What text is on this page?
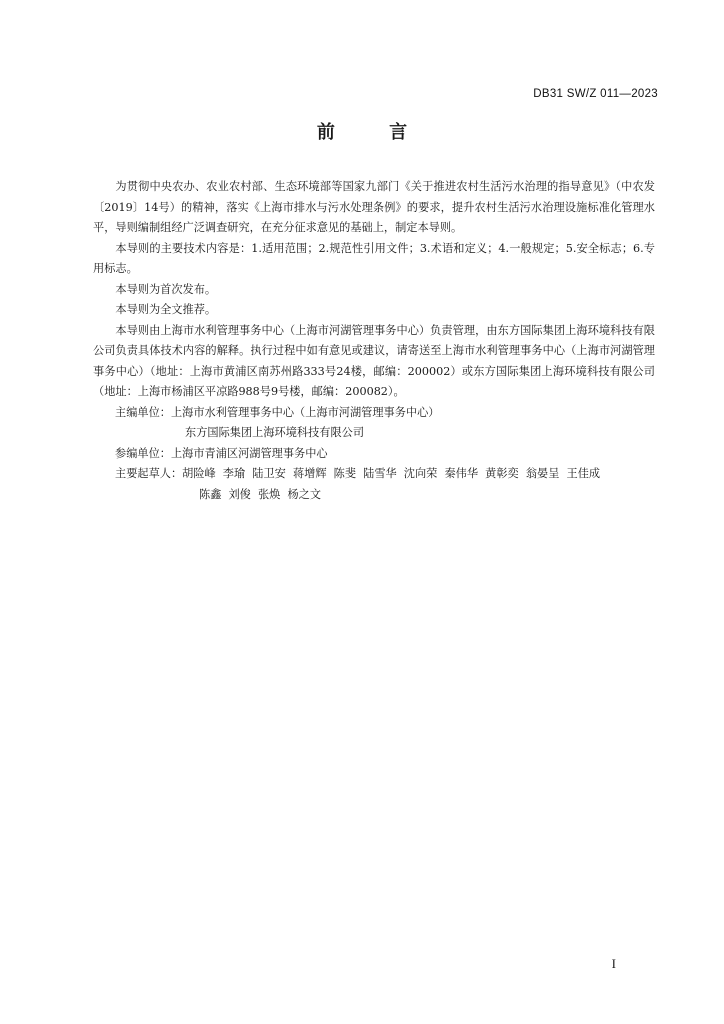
DB31 SW/Z 011—2023
前 言

为贯彻中央农办、农业农村部、生态环境部等国家九部门《关于推进农村生活污水治理的指导意见》（中农发〔2019〕14号）的精神，落实《上海市排水与污水处理条例》的要求，提升农村生活污水治理设施标准化管理水平，导则编制组经广泛调查研究，在充分征求意见的基础上，制定本导则。

本导则的主要技术内容是：1.适用范围；2.规范性引用文件；3.术语和定义；4.一般规定；5.安全标志；6.专用标志。

本导则为首次发布。

本导则为全文推荐。

本导则由上海市水利管理事务中心（上海市河湖管理事务中心）负责管理，由东方国际集团上海环境科技有限公司负责具体技术内容的解释。执行过程中如有意见或建议，请寄送至上海市水利管理事务中心（上海市河湖管理事务中心）（地址：上海市黄浦区南苏州路333号24楼，邮编：200002）或东方国际集团上海环境科技有限公司（地址：上海市杨浦区平凉路988号9号楼，邮编：200082）。

主编单位：上海市水利管理事务中心（上海市河湖管理事务中心）

东方国际集团上海环境科技有限公司

参编单位：上海市青浦区河湖管理事务中心

主要起草人：胡险峰  李瑜  陆卫安  蒋增辉  陈斐  陆雪华  沈向荣  秦伟华  黄彰奕  翁晏呈  王佳成

陈鑫  刘俊  张焕  杨之文

I
